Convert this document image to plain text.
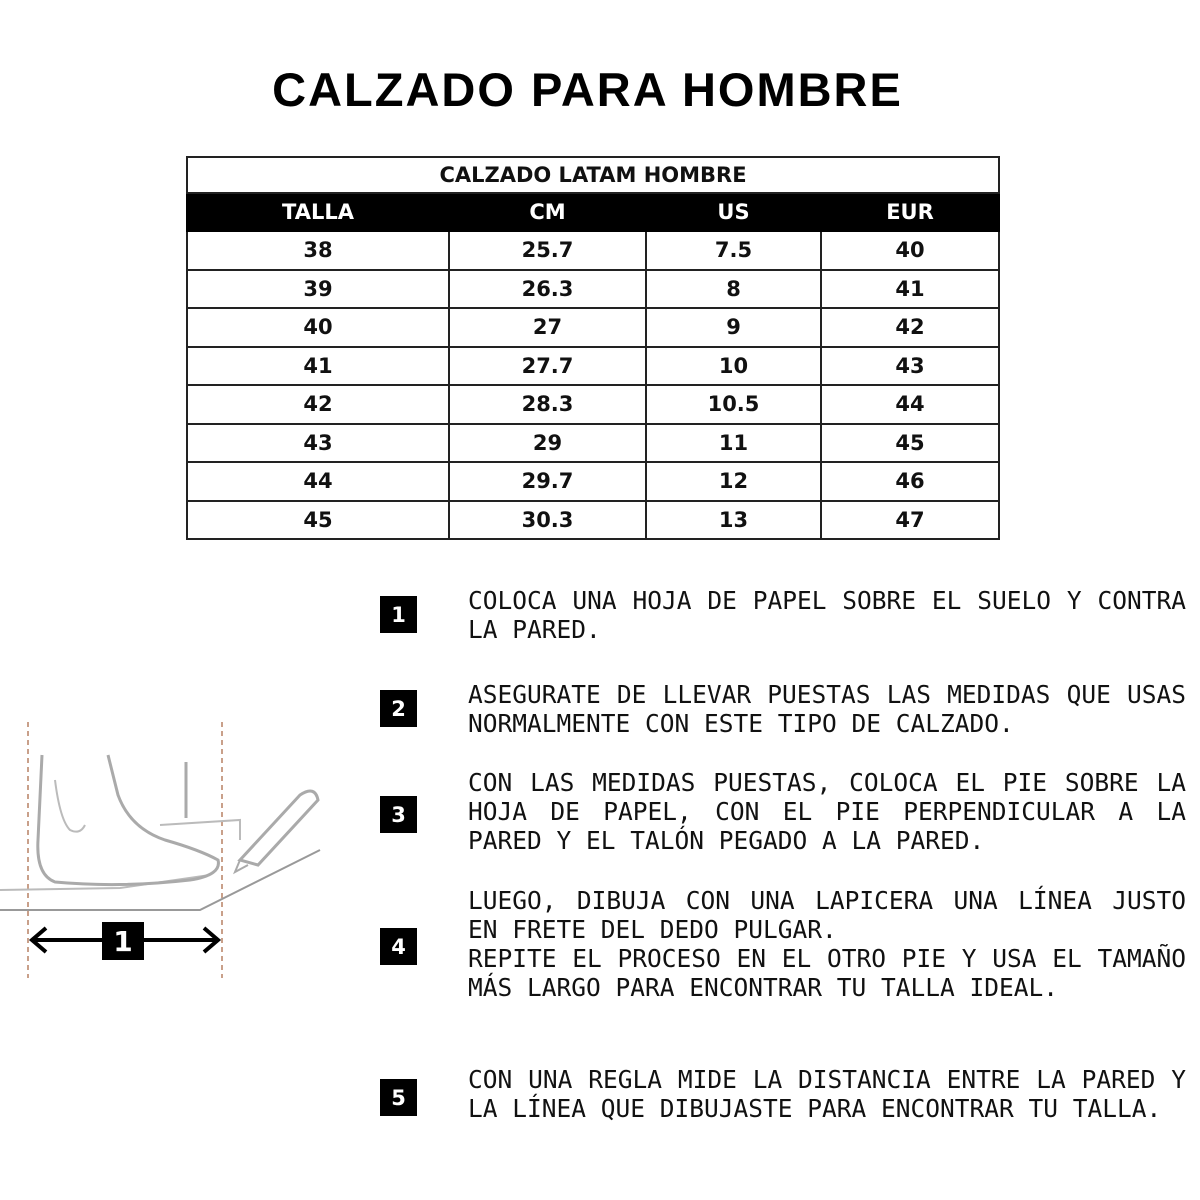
CALZADO PARA HOMBRE
CALZADO LATAM HOMBRE			
TALLA	CM	US	EUR
38	25.7	7.5	40
39	26.3	8	41
40	27	9	42
41	27.7	10	43
42	28.3	10.5	44
43	29	11	45
44	29.7	12	46
45	30.3	13	47
1
1	COLOCA UNA HOJA DE PAPEL SOBRE EL SUELO Y CONTRA LA PARED.
2	ASEGURATE DE LLEVAR PUESTAS LAS MEDIDAS QUE USAS NORMALMENTE CON ESTE TIPO DE CALZADO.
3
CON LAS MEDIDAS PUESTAS, COLOCA EL PIE SOBRE LA HOJA DE PAPEL, CON EL PIE PERPENDICULAR A LA PARED Y EL TALÓN PEGADO A LA PARED.
4
LUEGO, DIBUJA CON UNA LAPICERA UNA LÍNEA JUSTO EN FRETE DEL DEDO PULGAR.
REPITE EL PROCESO EN EL OTRO PIE Y USA EL TAMAÑO MÁS LARGO PARA ENCONTRAR TU TALLA IDEAL.
5
CON UNA REGLA MIDE LA DISTANCIA ENTRE LA PARED Y LA LÍNEA QUE DIBUJASTE PARA ENCONTRAR TU TALLA.
